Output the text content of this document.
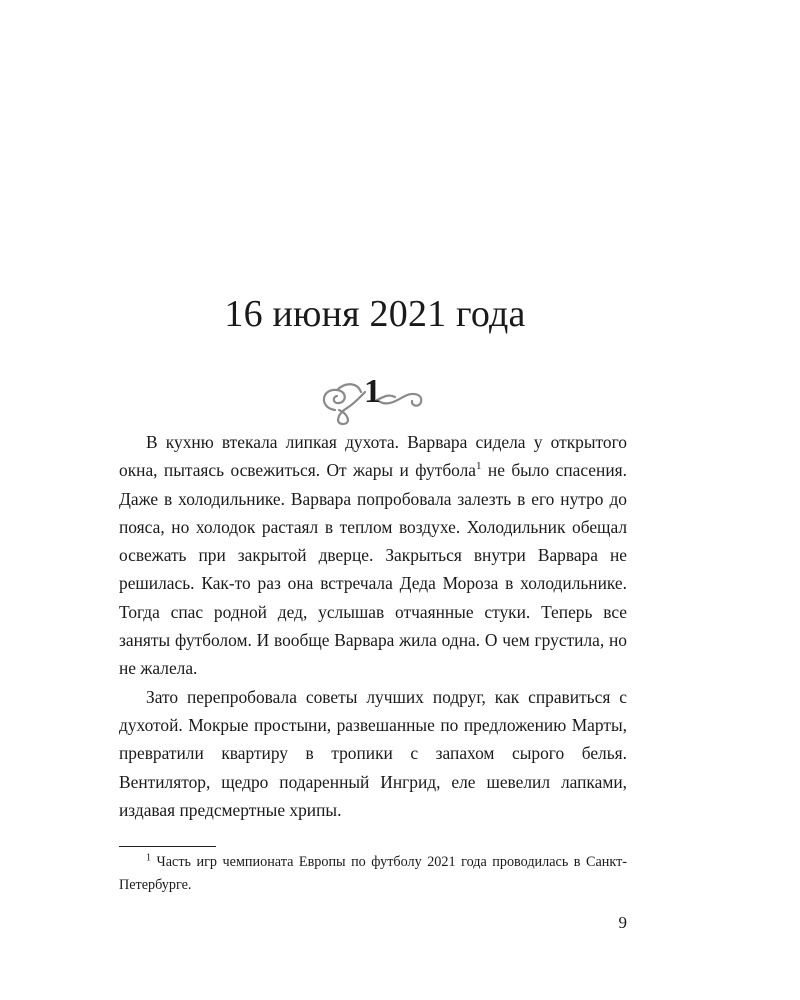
16 июня 2021 года
1

В кухню втекала липкая духота. Варвара сидела у открытого окна, пытаясь освежиться. От жары и футбола$^1$ не было спасения. Даже в холодильнике. Варвара попробовала залезть в его нутро до пояса, но холодок растаял в теплом воздухе. Холодильник обещал освежать при закрытой дверце. Закрыться внутри Варвара не решилась. Как-то раз она встречала Деда Мороза в холодильнике. Тогда спас родной дед, услышав отчаянные стуки. Теперь все заняты футболом. И вообще Варвара жила одна. О чем грустила, но не жалела.

Зато перепробовала советы лучших подруг, как справиться с духотой. Мокрые простыни, развешанные по предложению Марты, превратили квартиру в тропики с запахом сырого белья. Вентилятор, щедро подаренный Ингрид, еле шевелил лапками, издавая предсмертные хрипы.

$^1$ Часть игр чемпионата Европы по футболу 2021 года проводилась в Санкт-Петербурге.

9
